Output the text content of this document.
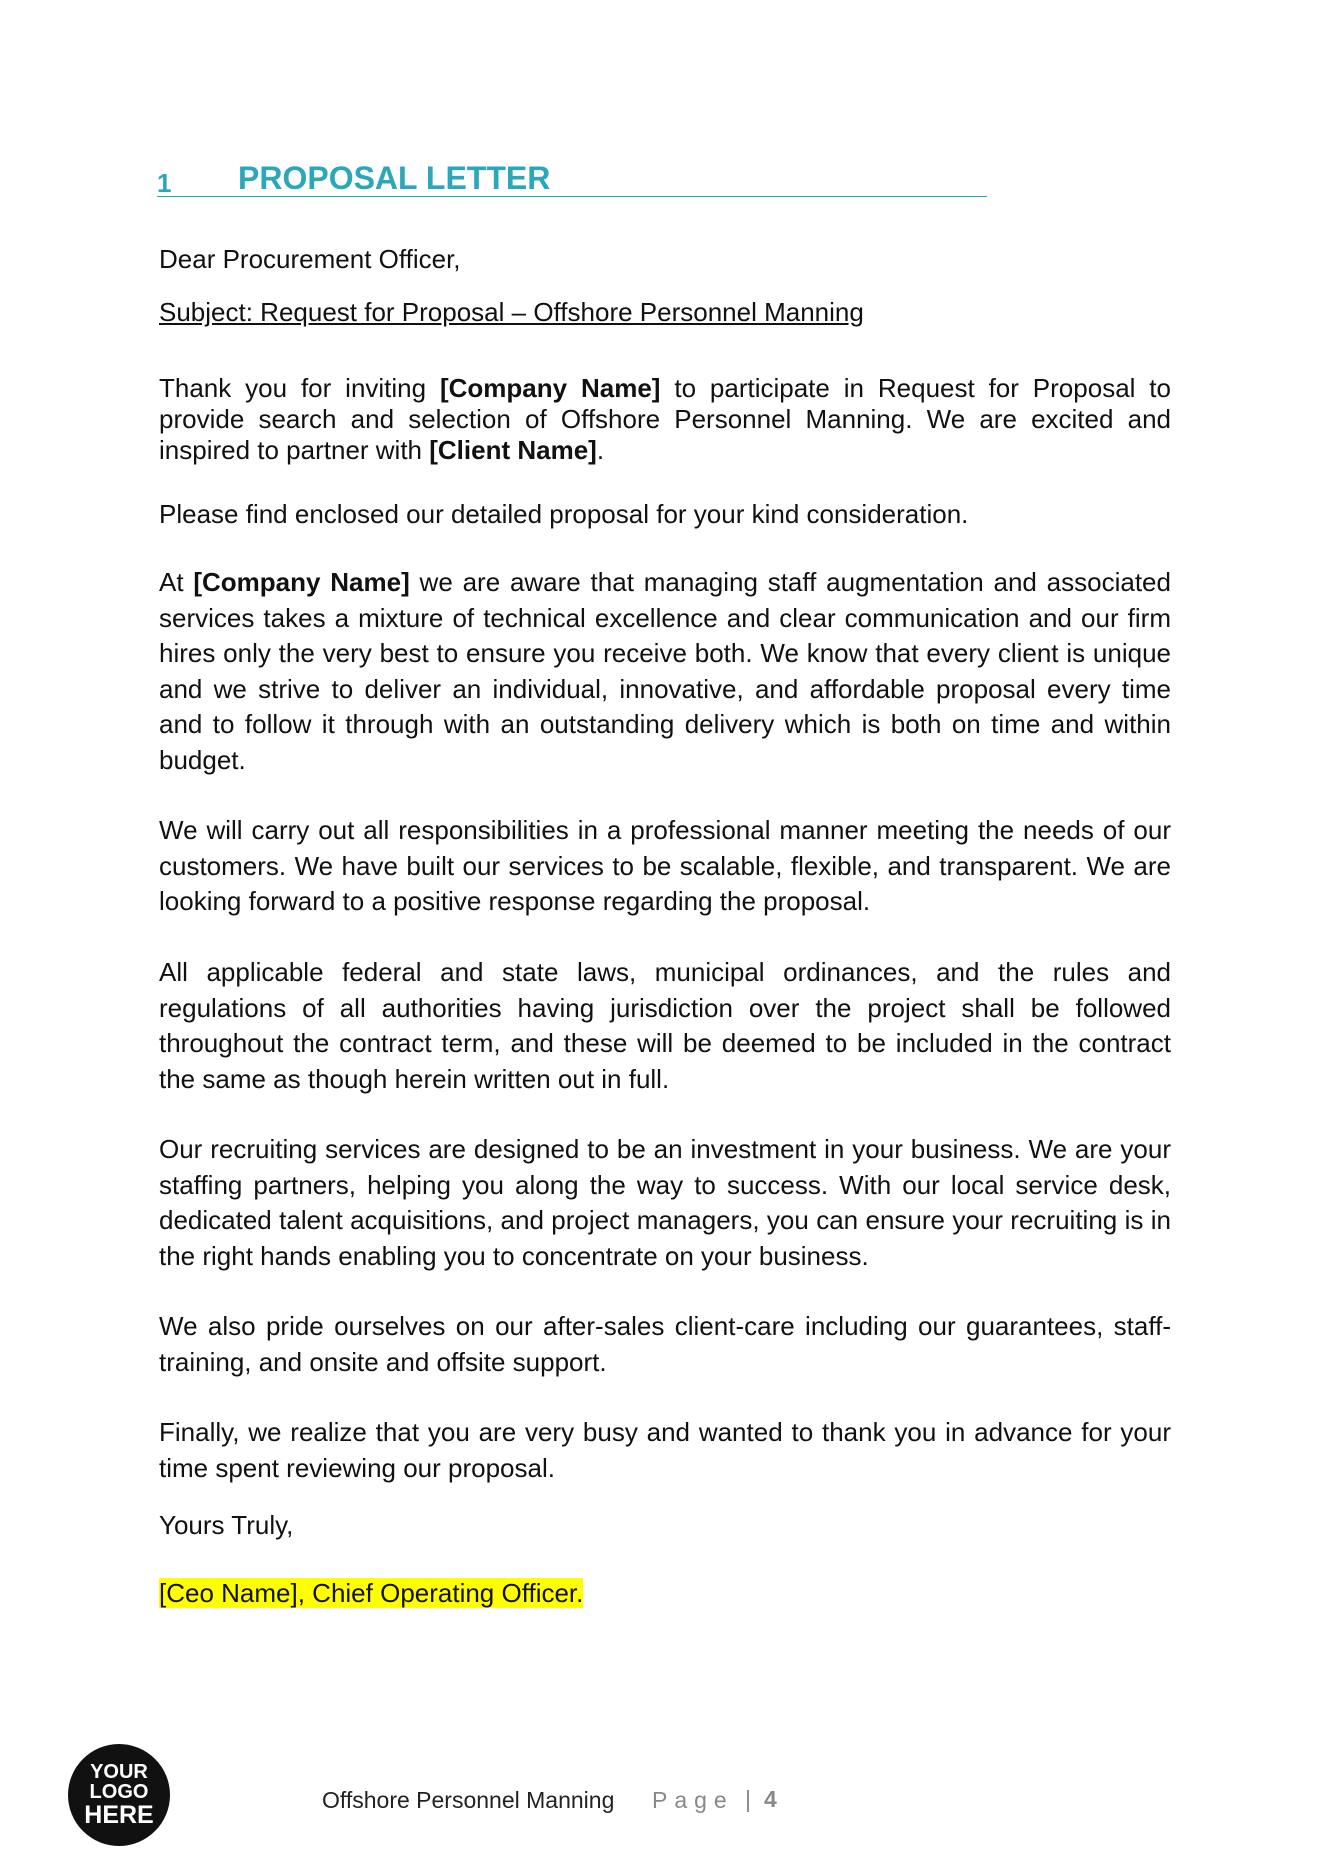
1 PROPOSAL LETTER
Dear Procurement Officer,
Subject: Request for Proposal – Offshore Personnel Manning
Thank you for inviting [Company Name] to participate in Request for Proposal to provide search and selection of Offshore Personnel Manning. We are excited and inspired to partner with [Client Name].
Please find enclosed our detailed proposal for your kind consideration.
At [Company Name] we are aware that managing staff augmentation and associated services takes a mixture of technical excellence and clear communication and our firm hires only the very best to ensure you receive both. We know that every client is unique and we strive to deliver an individual, innovative, and affordable proposal every time and to follow it through with an outstanding delivery which is both on time and within budget.
We will carry out all responsibilities in a professional manner meeting the needs of our customers. We have built our services to be scalable, flexible, and transparent. We are looking forward to a positive response regarding the proposal.
All applicable federal and state laws, municipal ordinances, and the rules and regulations of all authorities having jurisdiction over the project shall be followed throughout the contract term, and these will be deemed to be included in the contract the same as though herein written out in full.
Our recruiting services are designed to be an investment in your business. We are your staffing partners, helping you along the way to success. With our local service desk, dedicated talent acquisitions, and project managers, you can ensure your recruiting is in the right hands enabling you to concentrate on your business.
We also pride ourselves on our after-sales client-care including our guarantees, staff-training, and onsite and offsite support.
Finally, we realize that you are very busy and wanted to thank you in advance for your time spent reviewing our proposal.
Yours Truly,
[Ceo Name], Chief Operating Officer.
YOUR
LOGO
HERE
Offshore Personnel Manning Page | 4
